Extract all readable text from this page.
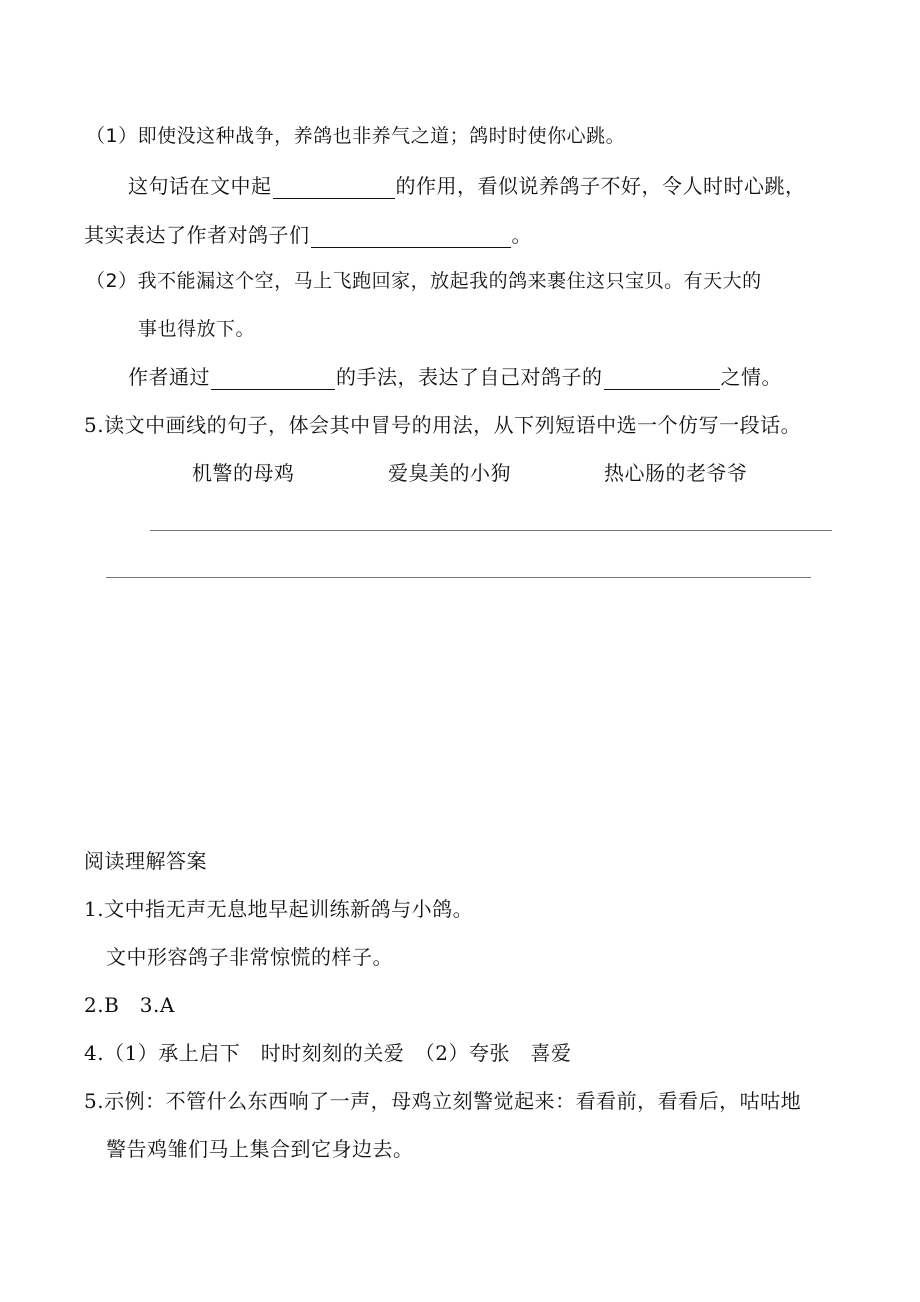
（1）即使没这种战争，养鸽也非养气之道；鸽时时使你心跳。
这句话在文中起	的作用，看似说养鸽子不好，令人时时心跳，
其实表达了作者对鸽子们	。
（2）我不能漏这个空，马上飞跑回家，放起我的鸽来裹住这只宝贝。有天大的
事也得放下。
作者通过	的手法，表达了自己对鸽子的	之情。
5.读文中画线的句子，体会其中冒号的用法，从下列短语中选一个仿写一段话。
机警的母鸡	爱臭美的小狗	热心肠的老爷爷
阅读理解答案
1.文中指无声无息地早起训练新鸽与小鸽。
文中形容鸽子非常惊慌的样子。
2.B　3.A
4.（1）承上启下　时时刻刻的关爱　（2）夸张　喜爱
5.示例：不管什么东西响了一声，母鸡立刻警觉起来：看看前，看看后，咕咕地
警告鸡雏们马上集合到它身边去。
